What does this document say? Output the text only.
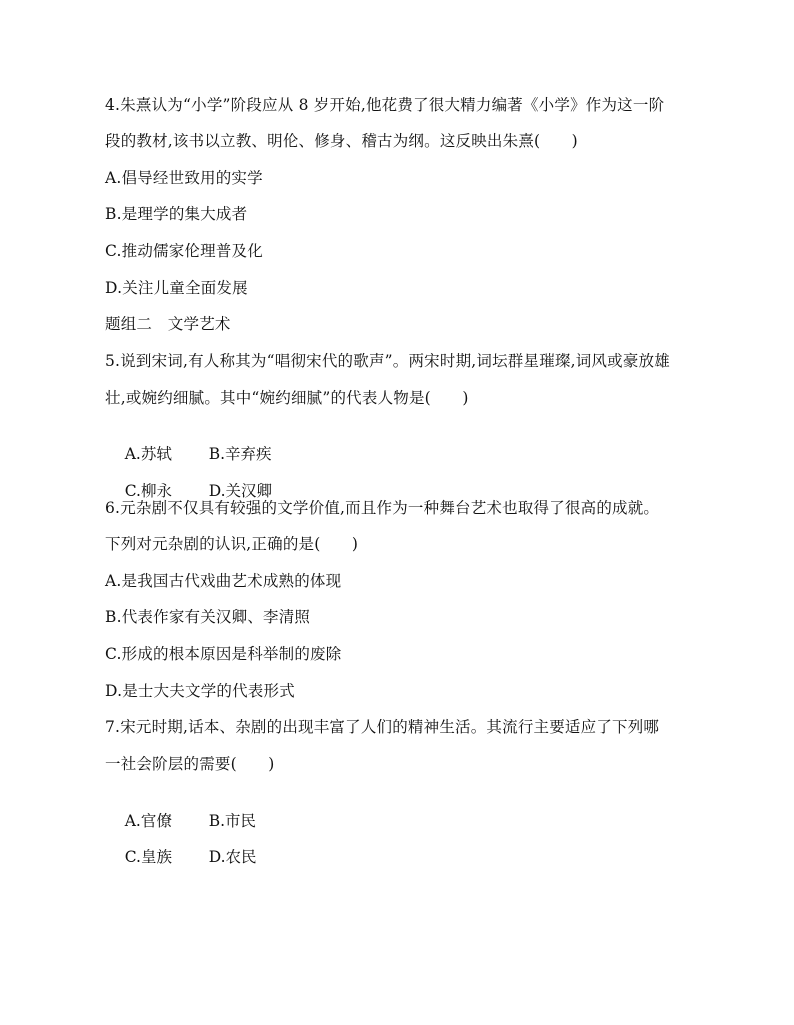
4.朱熹认为“小学”阶段应从 8 岁开始,他花费了很大精力编著《小学》作为这一阶
段的教材,该书以立教、明伦、修身、稽古为纲。这反映出朱熹(　　)
A.倡导经世致用的实学
B.是理学的集大成者
C.推动儒家伦理普及化
D.关注儿童全面发展
题组二　文学艺术
5.说到宋词,有人称其为“唱彻宋代的歌声”。两宋时期,词坛群星璀璨,词风或豪放雄
壮,或婉约细腻。其中“婉约细腻”的代表人物是(　　)

A.苏轼 B.辛弃疾

C.柳永 D.关汉卿

6.元杂剧不仅具有较强的文学价值,而且作为一种舞台艺术也取得了很高的成就。
下列对元杂剧的认识,正确的是(　　)
A.是我国古代戏曲艺术成熟的体现
B.代表作家有关汉卿、李清照
C.形成的根本原因是科举制的废除
D.是士大夫文学的代表形式
7.宋元时期,话本、杂剧的出现丰富了人们的精神生活。其流行主要适应了下列哪
一社会阶层的需要(　　)

A.官僚 B.市民

C.皇族 D.农民
